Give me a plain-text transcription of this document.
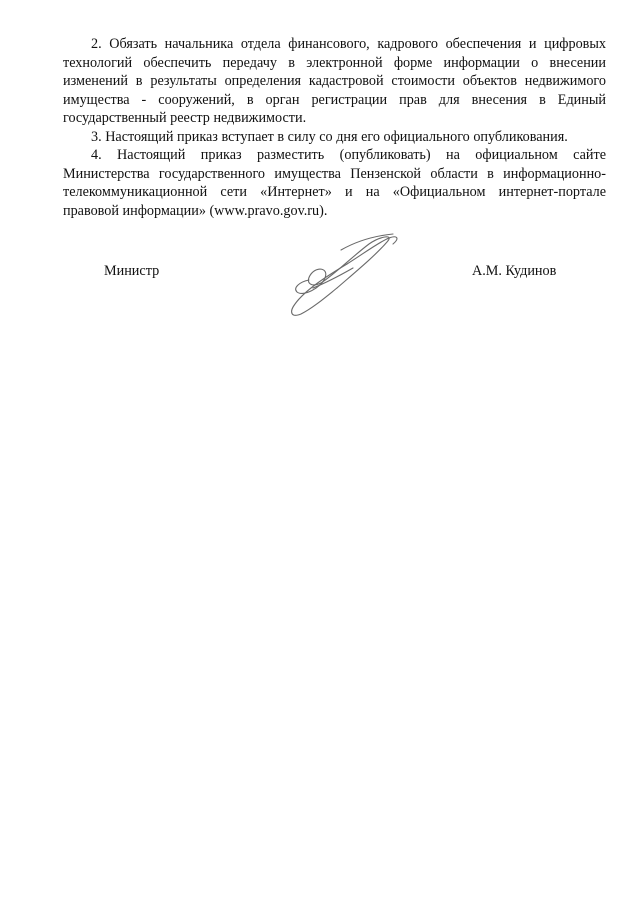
2. Обязать начальника отдела финансового, кадрового обеспечения и цифровых технологий обеспечить передачу в электронной форме информации о внесении изменений в результаты определения кадастровой стоимости объектов недвижимого имущества - сооружений, в орган регистрации прав для внесения в Единый государственный реестр недвижимости.

3. Настоящий приказ вступает в силу со дня его официального опубликования.

4. Настоящий приказ разместить (опубликовать) на официальном сайте Министерства государственного имущества Пензенской области в информационно-телекоммуникационной сети «Интернет» и на «Официальном интернет-портале правовой информации» (www.pravo.gov.ru).

Министр	А.М. Кудинов
